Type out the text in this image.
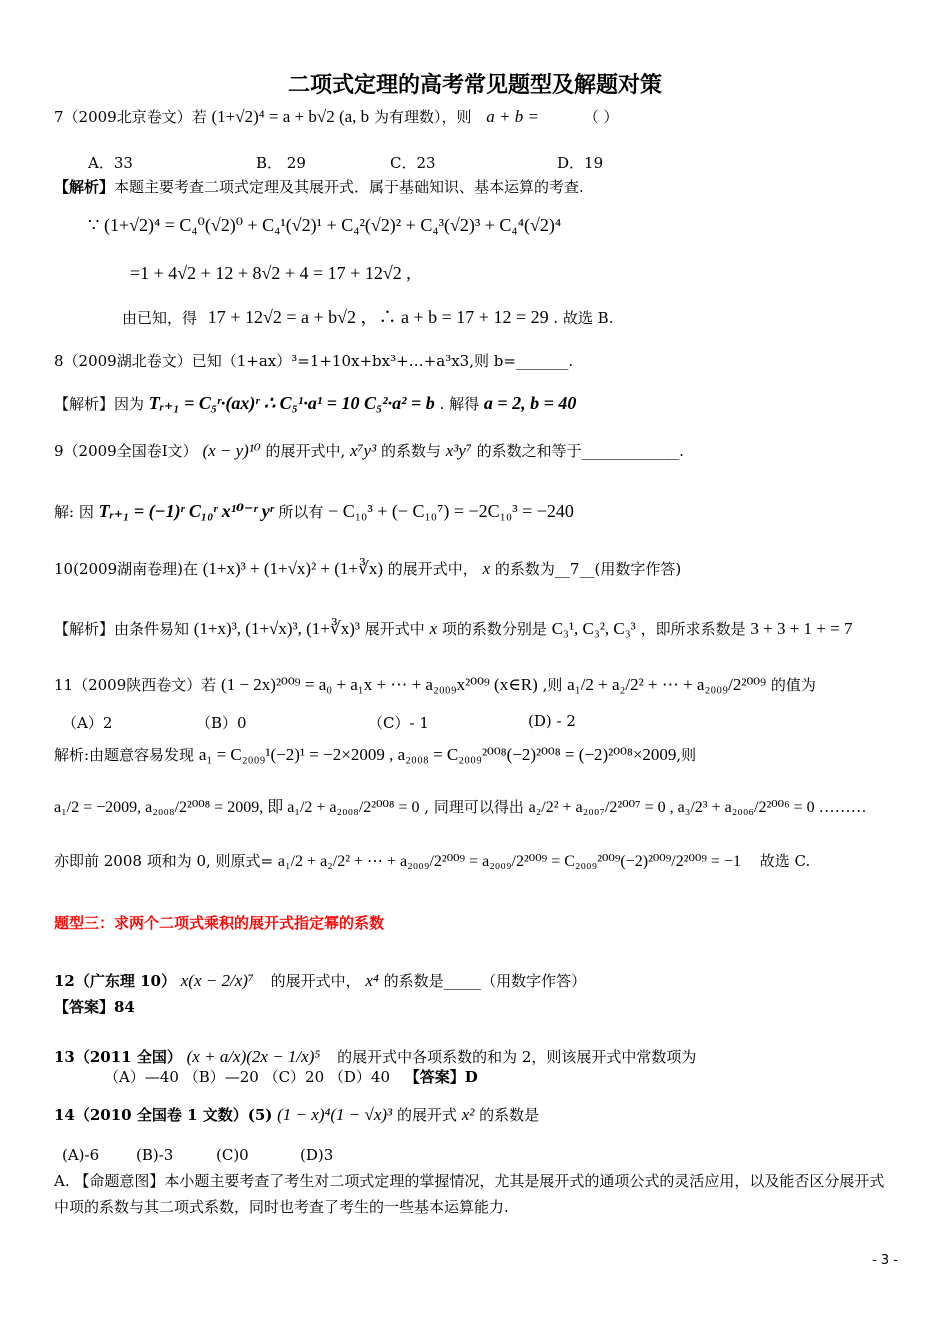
二项式定理的高考常见题型及解题对策
7（2009北京卷文）若 (1+√2)⁴ = a + b√2 (a, b 为有理数），则 a + b =	（ ）
A．33	B． 29	C．23	D．19
【解析】本题主要考查二项式定理及其展开式．属于基础知识、基本运算的考查.
∵ (1+√2)⁴ = C₄⁰(√2)⁰ + C₄¹(√2)¹ + C₄²(√2)² + C₄³(√2)³ + C₄⁴(√2)⁴
=1 + 4√2 + 12 + 8√2 + 4 = 17 + 12√2 ,
由已知，得 17 + 12√2 = a + b√2 ，∴ a + b = 17 + 12 = 29 . 故选 B.
8（2009湖北卷文）已知（1+ax）³=1+10x+bx³+…+a³x3,则 b=_______.
【解析】因为 Tᵣ₊₁ = C₅ʳ·(ax)ʳ ∴ C₅¹·a¹ = 10 C₅²·a² = b . 解得 a = 2, b = 40
9（2009全国卷Ⅰ文） (x − y)¹⁰ 的展开式中, x⁷y³ 的系数与 x³y⁷ 的系数之和等于_____________.
解: 因 Tᵣ₊₁ = (−1)ʳ C₁₀ʳ x¹⁰⁻ʳ yʳ 所以有 − C₁₀³ + (− C₁₀⁷) = −2C₁₀³ = −240
10(2009湖南卷理)在 (1+x)³ + (1+√x)² + (1+∛x) 的展开式中， x 的系数为__7__(用数字作答)
【解析】由条件易知 (1+x)³, (1+√x)³, (1+∛x)³ 展开式中 x 项的系数分别是 C₃¹, C₃², C₃³ ，即所求系数是 3 + 3 + 1 + = 7
11（2009陕西卷文）若 (1 − 2x)²⁰⁰⁹ = a₀ + a₁x + ⋯ + a₂₀₀₉x²⁰⁰⁹ (x∈R) ,则 a₁/2 + a₂/2² + ⋯ + a₂₀₀₉/2²⁰⁰⁹ 的值为
（A）2	（B）0	（C）- 1	(D) - 2
解析:由题意容易发现 a₁ = C₂₀₀₉¹(−2)¹ = −2×2009 , a₂₀₀₈ = C₂₀₀₉²⁰⁰⁸(−2)²⁰⁰⁸ = (−2)²⁰⁰⁸×2009,则
a₁/2 = −2009, a₂₀₀₈/2²⁰⁰⁸ = 2009, 即 a₁/2 + a₂₀₀₈/2²⁰⁰⁸ = 0 , 同理可以得出 a₂/2² + a₂₀₀₇/2²⁰⁰⁷ = 0 , a₃/2³ + a₂₀₀₆/2²⁰⁰⁶ = 0 ………
亦即前 2008 项和为 0, 则原式= a₁/2 + a₂/2² + ⋯ + a₂₀₀₉/2²⁰⁰⁹ = a₂₀₀₉/2²⁰⁰⁹ = C₂₀₀₉²⁰⁰⁹(−2)²⁰⁰⁹/2²⁰⁰⁹ = −1 故选 C.
题型三：求两个二项式乘积的展开式指定幂的系数
12（广东理 10） x(x − 2/x)⁷ 的展开式中， x⁴ 的系数是_____（用数字作答）
【答案】84
13（2011 全国） (x + a/x)(2x − 1/x)⁵ 的展开式中各项系数的和为 2，则该展开式中常数项为
（A）—40 （B）—20 （C）20 （D）40 【答案】D
14（2010 全国卷 1 文数）(5) (1 − x)⁴(1 − √x)³ 的展开式 x² 的系数是
(A)-6 (B)-3	(C)0	(D)3
A. 【命题意图】本小题主要考查了考生对二项式定理的掌握情况，尤其是展开式的通项公式的灵活应用，以及能否区分展开式中项的系数与其二项式系数，同时也考查了考生的一些基本运算能力.
- 3 -
